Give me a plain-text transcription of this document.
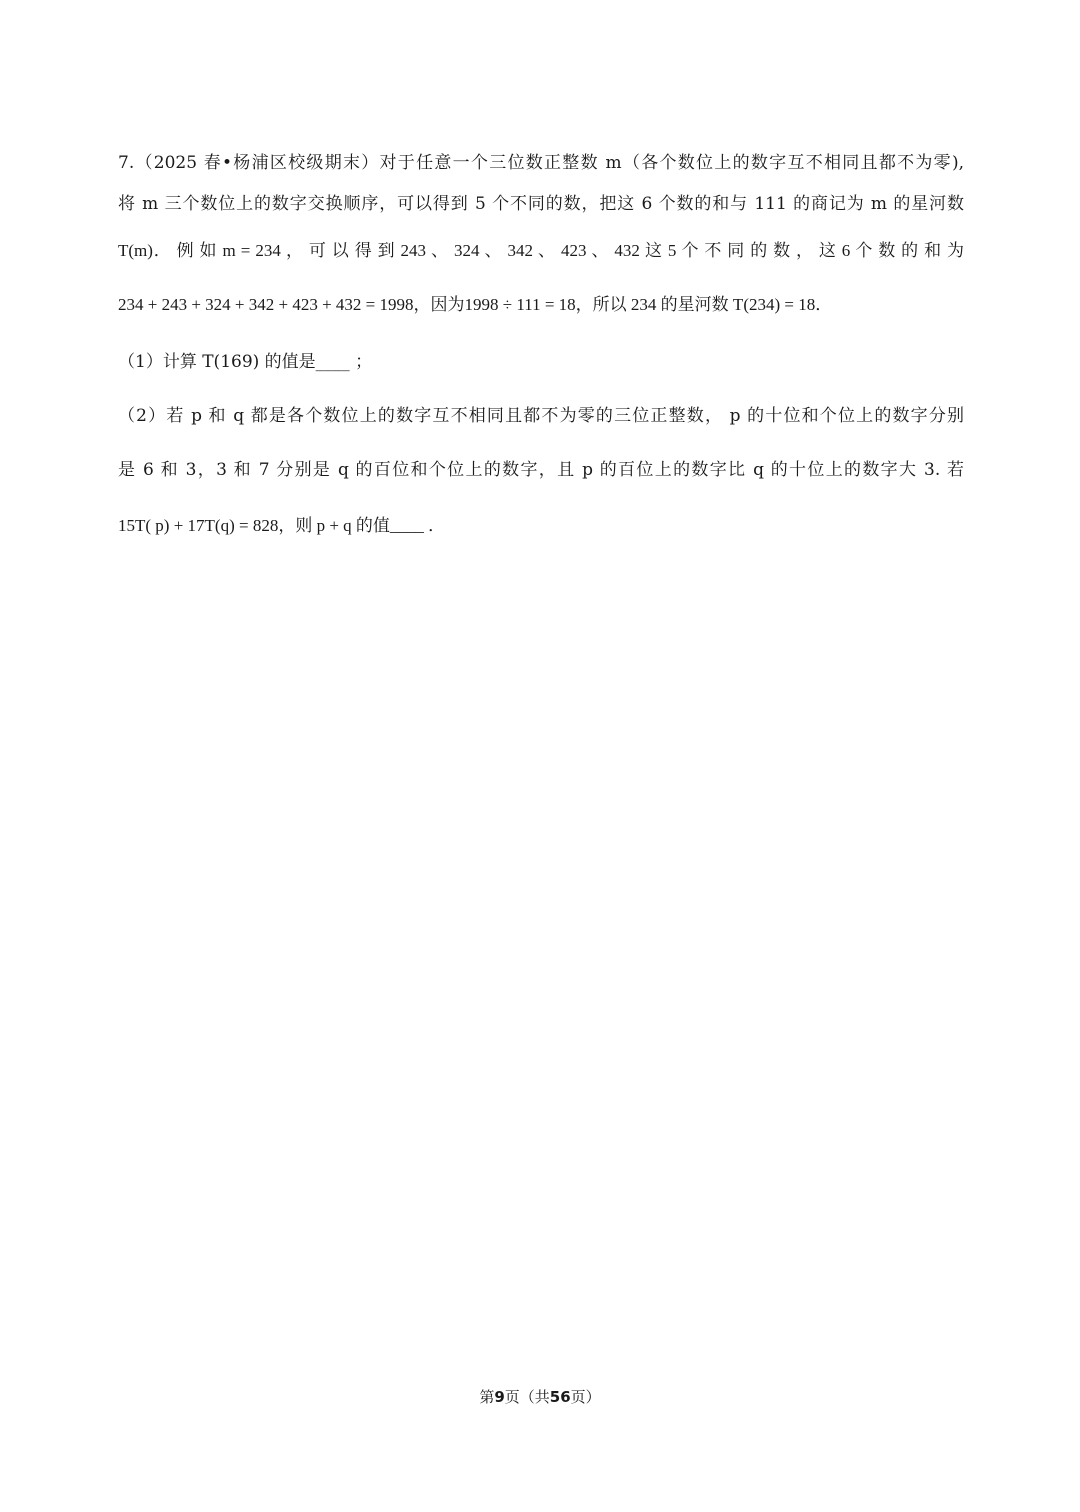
7.（2025 春•杨浦区校级期末）对于任意一个三位数正整数 m（各个数位上的数字互不相同且都不为零),
将 m 三个数位上的数字交换顺序，可以得到 5 个不同的数，把这 6 个数的和与 111 的商记为 m 的星河数
T(m)． 例 如 m = 234 ， 可 以 得 到 243 、 324 、 342 、 423 、 432 这 5 个 不 同 的 数 ， 这 6 个 数 的 和 为
234 + 243 + 324 + 342 + 423 + 432 = 1998，因为1998 ÷ 111 = 18，所以 234 的星河数 T(234) = 18．
（1）计算 T(169) 的值是____ ；
（2）若 p 和 q 都是各个数位上的数字互不相同且都不为零的三位正整数， p 的十位和个位上的数字分别
是 6 和 3，3 和 7 分别是 q 的百位和个位上的数字，且 p 的百位上的数字比 q 的十位上的数字大 3. 若
15T( p) + 17T(q) = 828，则 p + q 的值____ ．
第9页（共56页）
